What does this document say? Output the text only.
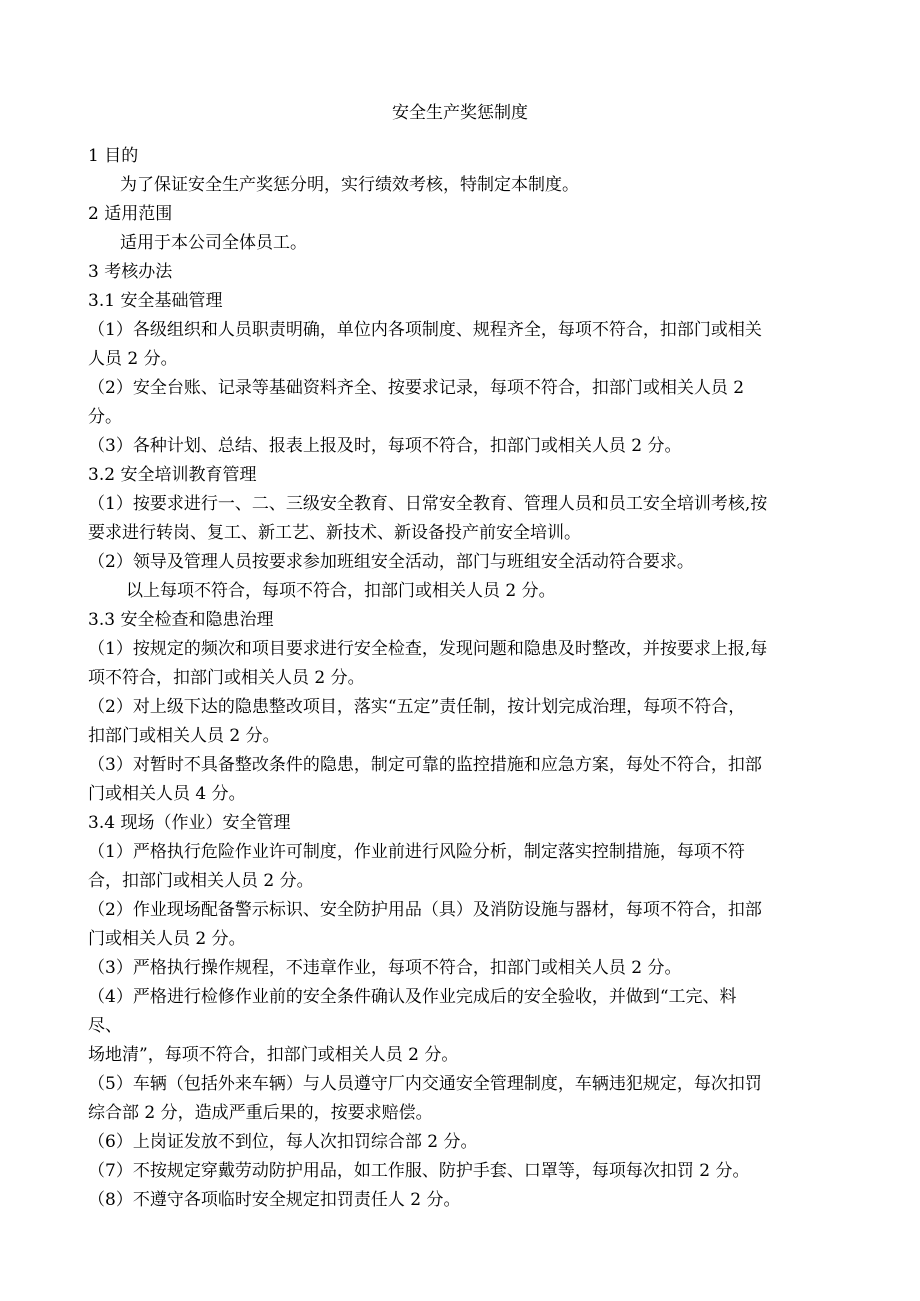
安全生产奖惩制度
1 目的
为了保证安全生产奖惩分明，实行绩效考核，特制定本制度。
2 适用范围
适用于本公司全体员工。
3 考核办法
3.1 安全基础管理
（1）各级组织和人员职责明确，单位内各项制度、规程齐全，每项不符合，扣部门或相关
人员 2 分。
（2）安全台账、记录等基础资料齐全、按要求记录，每项不符合，扣部门或相关人员 2
分。
（3）各种计划、总结、报表上报及时，每项不符合，扣部门或相关人员 2 分。
3.2 安全培训教育管理
（1）按要求进行一、二、三级安全教育、日常安全教育、管理人员和员工安全培训考核,按
要求进行转岗、复工、新工艺、新技术、新设备投产前安全培训。
（2）领导及管理人员按要求参加班组安全活动，部门与班组安全活动符合要求。
以上每项不符合，每项不符合，扣部门或相关人员 2 分。
3.3 安全检查和隐患治理
（1）按规定的频次和项目要求进行安全检查，发现问题和隐患及时整改，并按要求上报,每
项不符合，扣部门或相关人员 2 分。
（2）对上级下达的隐患整改项目，落实“五定”责任制，按计划完成治理，每项不符合，
扣部门或相关人员 2 分。
（3）对暂时不具备整改条件的隐患，制定可靠的监控措施和应急方案，每处不符合，扣部
门或相关人员 4 分。
3.4 现场（作业）安全管理
（1）严格执行危险作业许可制度，作业前进行风险分析，制定落实控制措施，每项不符
合，扣部门或相关人员 2 分。
（2）作业现场配备警示标识、安全防护用品（具）及消防设施与器材，每项不符合，扣部
门或相关人员 2 分。
（3）严格执行操作规程，不违章作业，每项不符合，扣部门或相关人员 2 分。
（4）严格进行检修作业前的安全条件确认及作业完成后的安全验收，并做到“工完、料
尽、
场地清”，每项不符合，扣部门或相关人员 2 分。
（5）车辆（包括外来车辆）与人员遵守厂内交通安全管理制度，车辆违犯规定，每次扣罚
综合部 2 分，造成严重后果的，按要求赔偿。
（6）上岗证发放不到位，每人次扣罚综合部 2 分。
（7）不按规定穿戴劳动防护用品，如工作服、防护手套、口罩等，每项每次扣罚 2 分。
（8）不遵守各项临时安全规定扣罚责任人 2 分。
